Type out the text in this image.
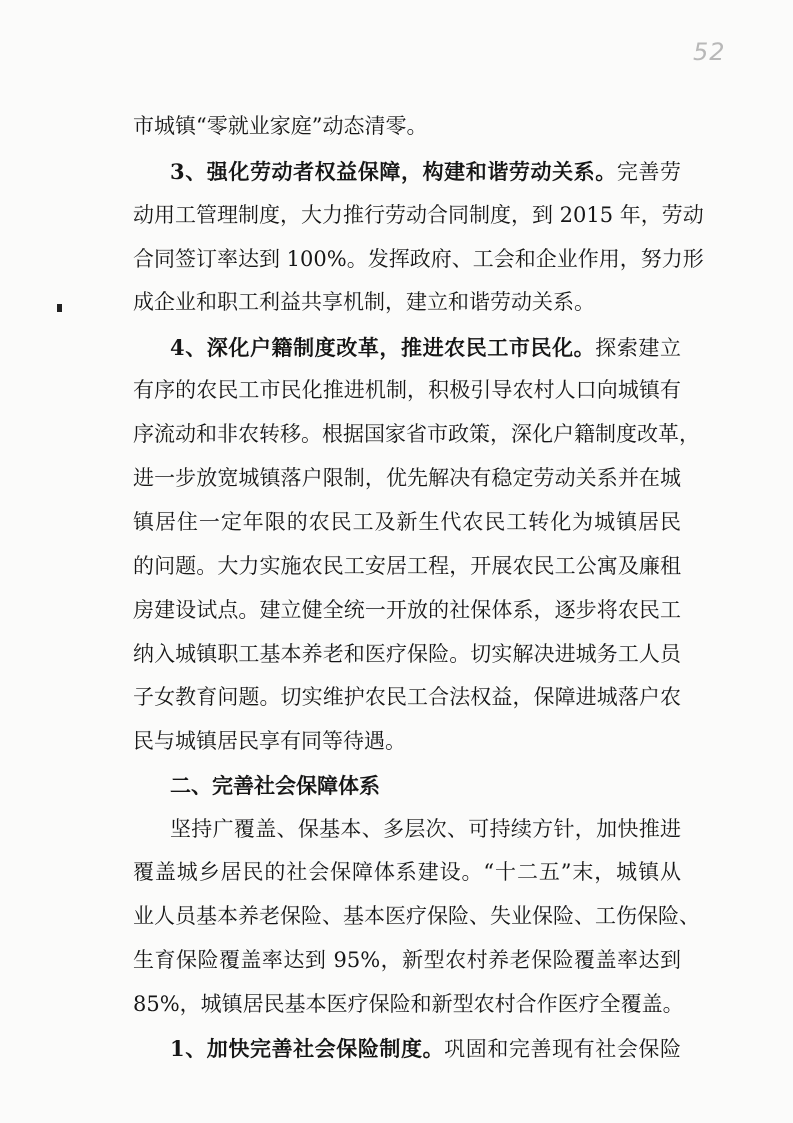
52
市城镇“零就业家庭”动态清零。
3、强化劳动者权益保障，构建和谐劳动关系。完善劳
动用工管理制度，大力推行劳动合同制度，到 2015 年，劳动
合同签订率达到 100%。发挥政府、工会和企业作用，努力形
成企业和职工利益共享机制，建立和谐劳动关系。
4、深化户籍制度改革，推进农民工市民化。探索建立
有序的农民工市民化推进机制，积极引导农村人口向城镇有
序流动和非农转移。根据国家省市政策，深化户籍制度改革，
进一步放宽城镇落户限制，优先解决有稳定劳动关系并在城
镇居住一定年限的农民工及新生代农民工转化为城镇居民
的问题。大力实施农民工安居工程，开展农民工公寓及廉租
房建设试点。建立健全统一开放的社保体系，逐步将农民工
纳入城镇职工基本养老和医疗保险。切实解决进城务工人员
子女教育问题。切实维护农民工合法权益，保障进城落户农
民与城镇居民享有同等待遇。
二、完善社会保障体系
坚持广覆盖、保基本、多层次、可持续方针，加快推进
覆盖城乡居民的社会保障体系建设。“十二五”末，城镇从
业人员基本养老保险、基本医疗保险、失业保险、工伤保险、
生育保险覆盖率达到 95%，新型农村养老保险覆盖率达到
85%，城镇居民基本医疗保险和新型农村合作医疗全覆盖。
1、加快完善社会保险制度。巩固和完善现有社会保险
